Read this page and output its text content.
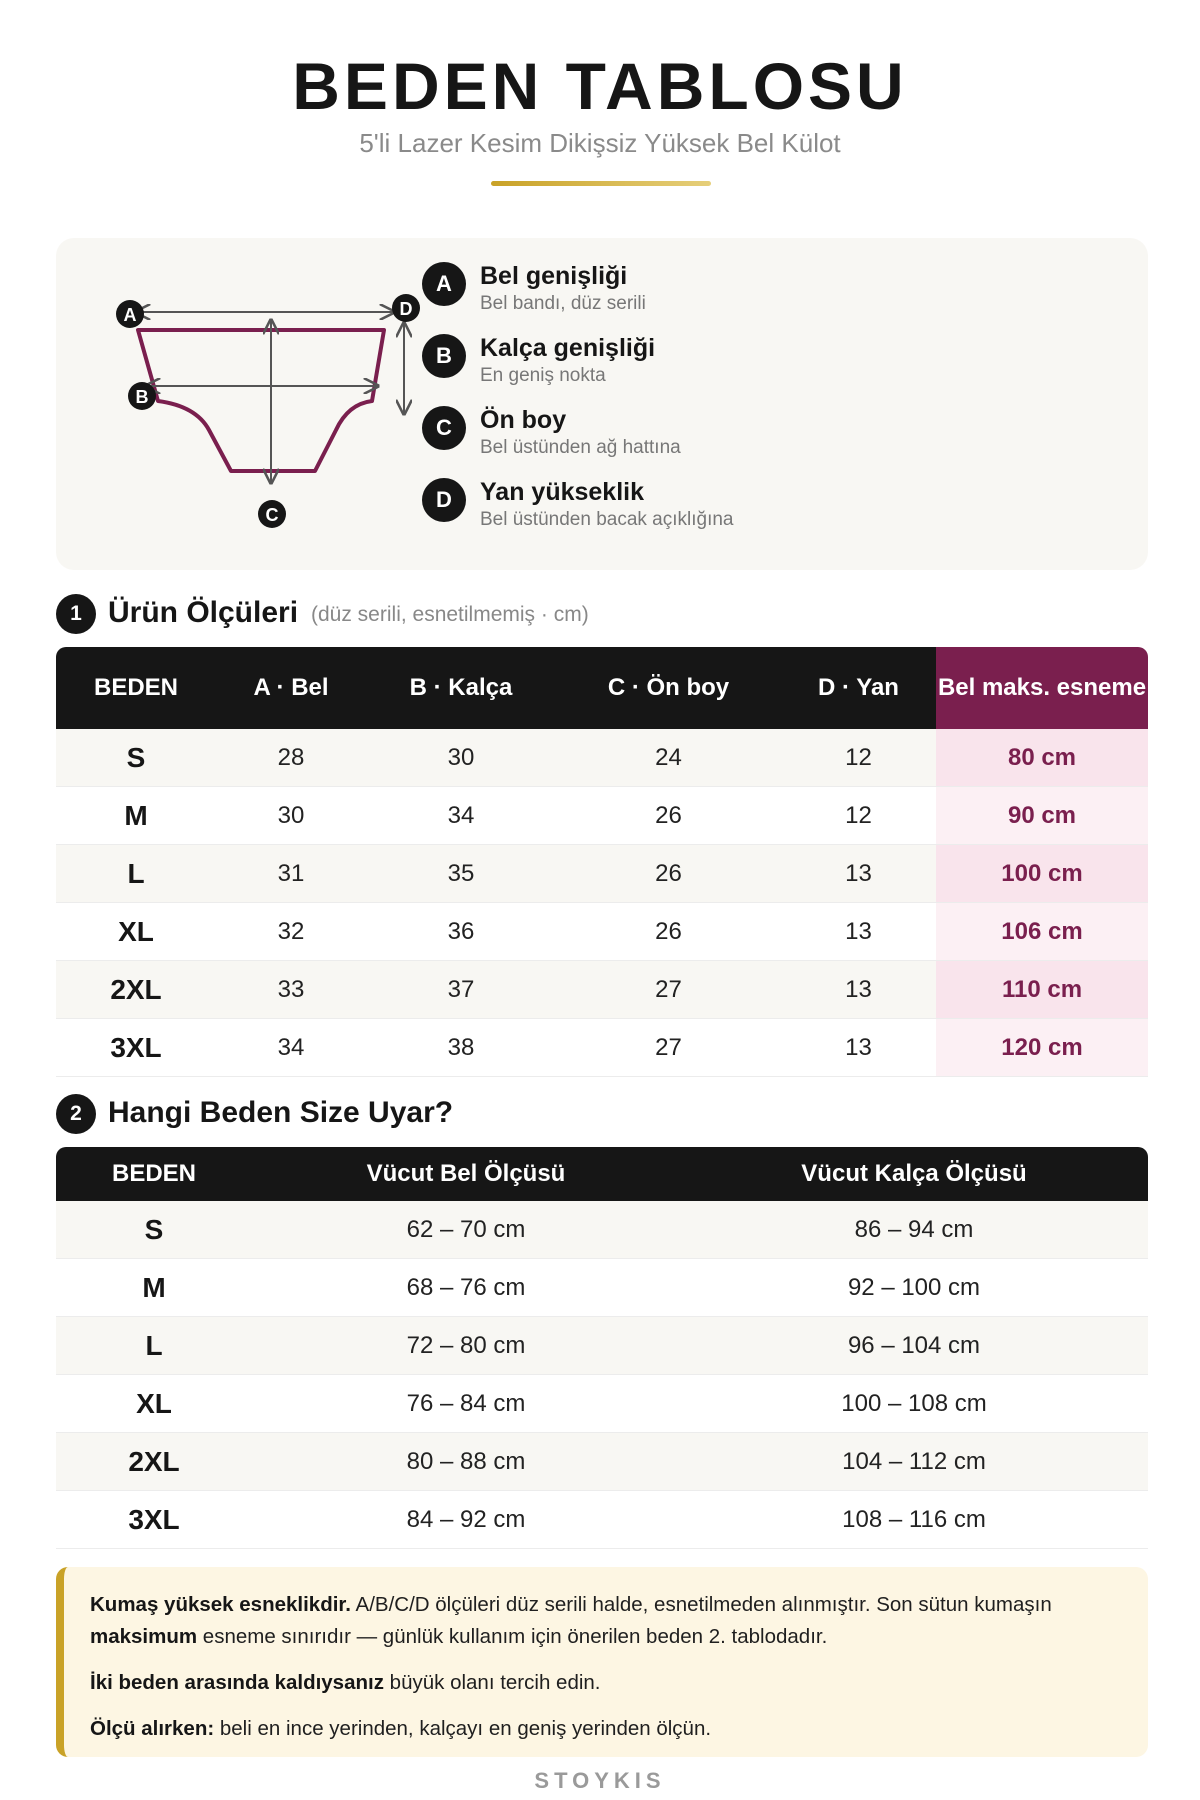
BEDEN TABLOSU
5'li Lazer Kesim Dikişsiz Yüksek Bel Külot
A	D
B
C
A	Bel genişliği
Bel bandı, düz serili
B	Kalça genişliği
En geniş nokta
C	Ön boy
Bel üstünden ağ hattına
D	Yan yükseklik
Bel üstünden bacak açıklığına
1 Ürün Ölçüleri (düz serili, esnetilmemiş · cm)
BEDEN	A · Bel	B · Kalça	C · Ön boy	D · Yan	Bel maks. esneme
S	28	30	24	12	80 cm
M	30	34	26	12	90 cm
L	31	35	26	13	100 cm
XL	32	36	26	13	106 cm
2XL	33	37	27	13	110 cm
3XL	34	38	27	13	120 cm
2 Hangi Beden Size Uyar?
BEDEN	Vücut Bel Ölçüsü	Vücut Kalça Ölçüsü
S	62 – 70 cm	86 – 94 cm
M	68 – 76 cm	92 – 100 cm
L	72 – 80 cm	96 – 104 cm
XL	76 – 84 cm	100 – 108 cm
2XL	80 – 88 cm	104 – 112 cm
3XL	84 – 92 cm	108 – 116 cm

Kumaş yüksek esneklikdir. A/B/C/D ölçüleri düz serili halde, esnetilmeden alınmıştır. Son sütun kumaşın maksimum esneme sınırıdır — günlük kullanım için önerilen beden 2. tablodadır.

İki beden arasında kaldıysanız büyük olanı tercih edin.

Ölçü alırken: beli en ince yerinden, kalçayı en geniş yerinden ölçün.

STOYKIS
